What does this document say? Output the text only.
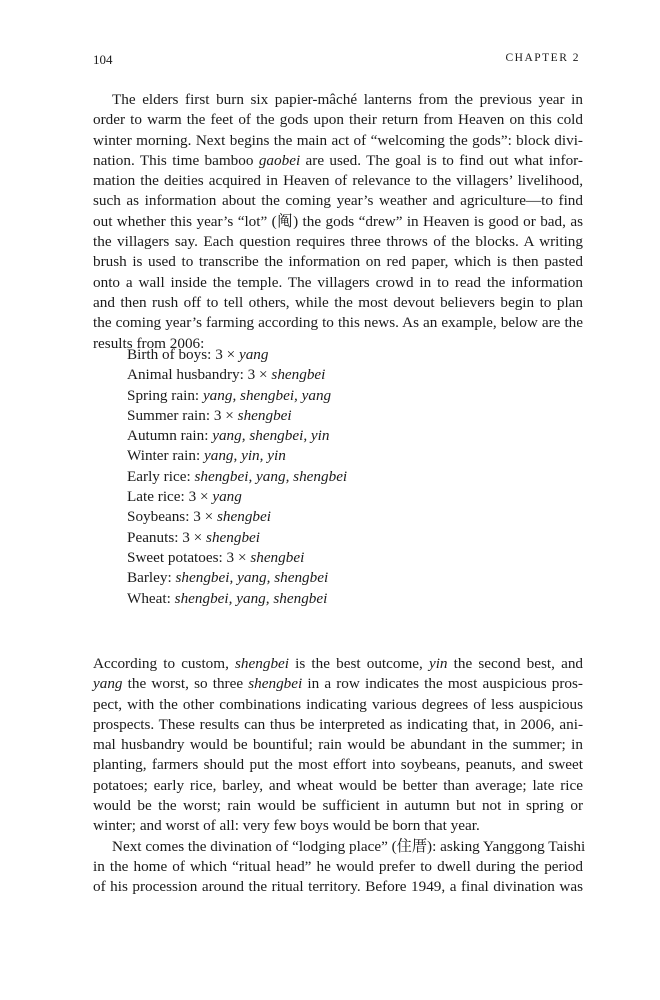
104	CHAPTER 2
The elders first burn six papier-mâché lanterns from the previous year in
order to warm the feet of the gods upon their return from Heaven on this cold
winter morning. Next begins the main act of “welcoming the gods”: block divi-
nation. This time bamboo gaobei are used. The goal is to find out what infor-
mation the deities acquired in Heaven of relevance to the villagers’ livelihood,
such as information about the coming year’s weather and agriculture—to find
out whether this year’s “lot” (阄) the gods “drew” in Heaven is good or bad, as
the villagers say. Each question requires three throws of the blocks. A writing
brush is used to transcribe the information on red paper, which is then pasted
onto a wall inside the temple. The villagers crowd in to read the information
and then rush off to tell others, while the most devout believers begin to plan
the coming year’s farming according to this news. As an example, below are the
results from 2006:
Birth of boys: 3 × yang
Animal husbandry: 3 × shengbei
Spring rain: yang, shengbei, yang
Summer rain: 3 × shengbei
Autumn rain: yang, shengbei, yin
Winter rain: yang, yin, yin
Early rice: shengbei, yang, shengbei
Late rice: 3 × yang
Soybeans: 3 × shengbei
Peanuts: 3 × shengbei
Sweet potatoes: 3 × shengbei
Barley: shengbei, yang, shengbei
Wheat: shengbei, yang, shengbei
According to custom, shengbei is the best outcome, yin the second best, and
yang the worst, so three shengbei in a row indicates the most auspicious pros-
pect, with the other combinations indicating various degrees of less auspicious
prospects. These results can thus be interpreted as indicating that, in 2006, ani-
mal husbandry would be bountiful; rain would be abundant in the summer; in
planting, farmers should put the most effort into soybeans, peanuts, and sweet
potatoes; early rice, barley, and wheat would be better than average; late rice
would be the worst; rain would be sufficient in autumn but not in spring or
winter; and worst of all: very few boys would be born that year.
Next comes the divination of “lodging place” (住厝): asking Yanggong Taishi
in the home of which “ritual head” he would prefer to dwell during the period
of his procession around the ritual territory. Before 1949, a final divination was
